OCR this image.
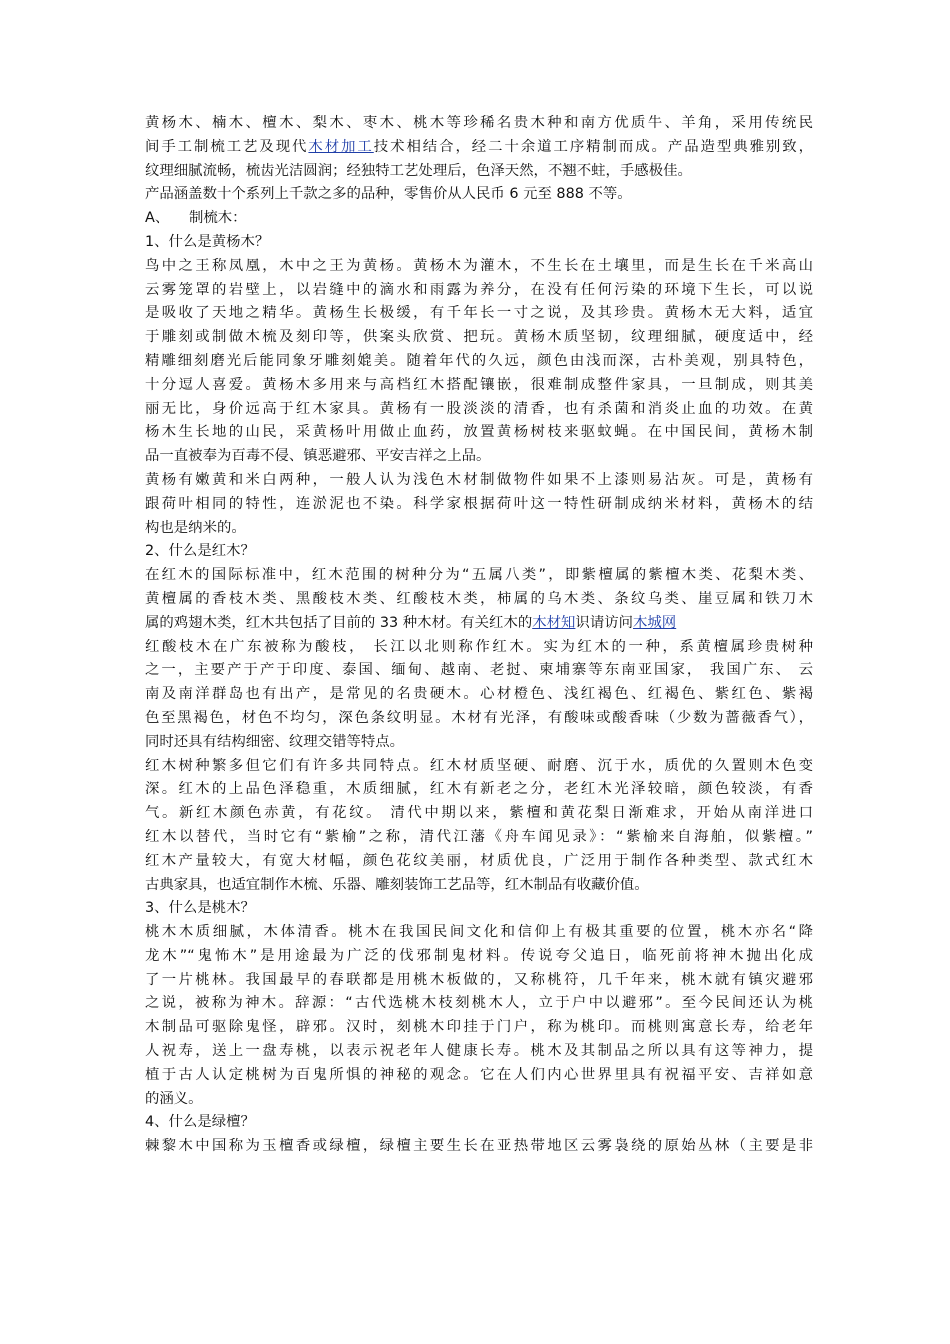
黄杨木、楠木、檀木、梨木、枣木、桃木等珍稀名贵木种和南方优质牛、羊角，采用传统民
间手工制梳工艺及现代木材加工技术相结合，经二十余道工序精制而成。产品造型典雅别致，
纹理细腻流畅，梳齿光洁圆润；经独特工艺处理后，色泽天然，不翘不蛀，手感极佳。
产品涵盖数十个系列上千款之多的品种，零售价从人民币 6 元至 888 不等。
A、 制梳木：
1、什么是黄杨木？
鸟中之王称凤凰，木中之王为黄杨。黄杨木为灌木，不生长在土壤里，而是生长在千米高山
云雾笼罩的岩壁上，以岩缝中的滴水和雨露为养分，在没有任何污染的环境下生长，可以说
是吸收了天地之精华。黄杨生长极缓，有千年长一寸之说，及其珍贵。黄杨木无大料，适宜
于雕刻或制做木梳及刻印等，供案头欣赏、把玩。黄杨木质坚韧，纹理细腻，硬度适中，经
精雕细刻磨光后能同象牙雕刻媲美。随着年代的久远，颜色由浅而深，古朴美观，别具特色，
十分逗人喜爱。黄杨木多用来与高档红木搭配镶嵌，很难制成整件家具，一旦制成，则其美
丽无比，身价远高于红木家具。黄杨有一股淡淡的清香，也有杀菌和消炎止血的功效。在黄
杨木生长地的山民，采黄杨叶用做止血药，放置黄杨树枝来驱蚊蝇。在中国民间，黄杨木制
品一直被奉为百毒不侵、镇恶避邪、平安吉祥之上品。
黄杨有嫩黄和米白两种，一般人认为浅色木材制做物件如果不上漆则易沾灰。可是，黄杨有
跟荷叶相同的特性，连淤泥也不染。科学家根据荷叶这一特性研制成纳米材料，黄杨木的结
构也是纳米的。
2、什么是红木？
在红木的国际标准中，红木范围的树种分为“五属八类”，即紫檀属的紫檀木类、花梨木类、
黄檀属的香枝木类、黑酸枝木类、红酸枝木类，柿属的乌木类、条纹乌类、崖豆属和铁刀木
属的鸡翅木类，红木共包括了目前的 33 种木材。有关红木的木材知识请访问木城网
红酸枝木在广东被称为酸枝， 长江以北则称作红木。实为红木的一种，系黄檀属珍贵树种
之一，主要产于产于印度、泰国、缅甸、越南、老挝、柬埔寨等东南亚国家， 我国广东、 云
南及南洋群岛也有出产，是常见的名贵硬木。心材橙色、浅红褐色、红褐色、紫红色、紫褐
色至黑褐色，材色不均匀，深色条纹明显。木材有光泽，有酸味或酸香味（少数为蔷薇香气），
同时还具有结构细密、纹理交错等特点。
红木树种繁多但它们有许多共同特点。红木材质坚硬、耐磨、沉于水，质优的久置则木色变
深。红木的上品色泽稳重，木质细腻，红木有新老之分，老红木光泽较暗，颜色较淡，有香
气。新红木颜色赤黄，有花纹。 清代中期以来，紫檀和黄花梨日渐难求，开始从南洋进口
红木以替代，当时它有“紫榆”之称，清代江藩《舟车闻见录》：“紫榆来自海舶，似紫檀。”
红木产量较大，有宽大材幅，颜色花纹美丽，材质优良，广泛用于制作各种类型、款式红木
古典家具，也适宜制作木梳、乐器、雕刻装饰工艺品等，红木制品有收藏价值。
3、什么是桃木？
桃木木质细腻，木体清香。桃木在我国民间文化和信仰上有极其重要的位置，桃木亦名“降
龙木”“鬼怖木”是用途最为广泛的伐邪制鬼材料。传说夸父追日，临死前将神木抛出化成
了一片桃林。我国最早的春联都是用桃木板做的，又称桃符，几千年来，桃木就有镇灾避邪
之说，被称为神木。辞源：“古代选桃木枝刻桃木人，立于户中以避邪”。至今民间还认为桃
木制品可驱除鬼怪，辟邪。汉时，刻桃木印挂于门户，称为桃印。而桃则寓意长寿，给老年
人祝寿，送上一盘寿桃，以表示祝老年人健康长寿。桃木及其制品之所以具有这等神力，提
植于古人认定桃树为百鬼所惧的神秘的观念。它在人们内心世界里具有祝福平安、吉祥如意
的涵义。
4、什么是绿檀？
棘黎木中国称为玉檀香或绿檀，绿檀主要生长在亚热带地区云雾袅绕的原始丛林（主要是非
